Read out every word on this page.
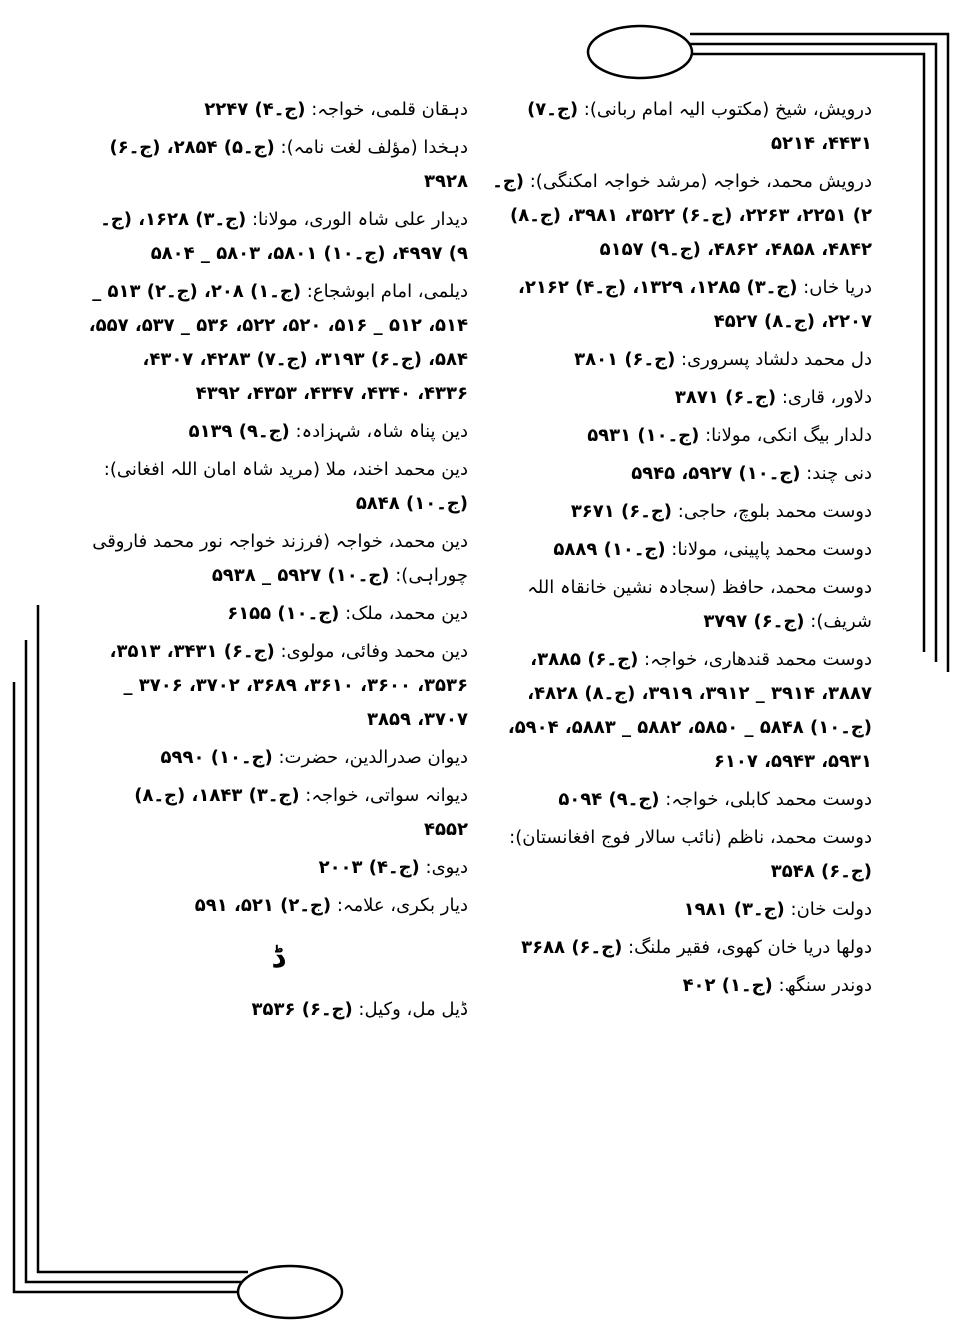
درویش، شیخ (مکتوب الیہ امام ربانی): (ج۔۷) ۴۴۳۱، ۵۲۱۴
درویش محمد، خواجہ (مرشد خواجہ امکنگی): (ج۔۲) ۲۲۵۱، ۲۲۶۳، (ج۔۶) ۳۵۲۲، ۳۹۸۱، (ج۔۸) ۴۸۴۲، ۴۸۵۸، ۴۸۶۲، (ج۔۹) ۵۱۵۷
دریا خاں: (ج۔۳) ۱۲۸۵، ۱۳۲۹، (ج۔۴) ۲۱۶۲، ۲۲۰۷، (ج۔۸) ۴۵۲۷
دل محمد دلشاد پسروری: (ج۔۶) ۳۸۰۱
دلاور، قاری: (ج۔۶) ۳۸۷۱
دلدار بیگ انکی، مولانا: (ج۔۱۰) ۵۹۳۱
دنی چند: (ج۔۱۰) ۵۹۲۷، ۵۹۴۵
دوست محمد بلوچ، حاجی: (ج۔۶) ۳۶۷۱
دوست محمد پاپینی، مولانا: (ج۔۱۰) ۵۸۸۹
دوست محمد، حافظ (سجادہ نشین خانقاہ اللہ شریف): (ج۔۶) ۳۷۹۷
دوست محمد قندھاری، خواجہ: (ج۔۶) ۳۸۸۵، ۳۸۸۷، ۳۹۱۴ _ ۳۹۱۲، ۳۹۱۹، (ج۔۸) ۴۸۲۸، (ج۔۱۰) ۵۸۴۸ _ ۵۸۵۰، ۵۸۸۲ _ ۵۸۸۳، ۵۹۰۴، ۵۹۳۱، ۵۹۴۳، ۶۱۰۷
دوست محمد کابلی، خواجہ: (ج۔۹) ۵۰۹۴
دوست محمد، ناظم (نائب سالار فوج افغانستان): (ج۔۶) ۳۵۴۸
دولت خان: (ج۔۳) ۱۹۸۱
دولھا دریا خان کھوی، فقیر ملنگ: (ج۔۶) ۳۶۸۸
دوندر سنگھ: (ج۔۱) ۴۰۲
دہقان قلمی، خواجہ: (ج۔۴) ۲۲۴۷
دہخدا (مؤلف لغت نامہ): (ج۔۵) ۲۸۵۴، (ج۔۶) ۳۹۲۸
دیدار علی شاہ الوری، مولانا: (ج۔۳) ۱۶۲۸، (ج۔۹) ۴۹۹۷، (ج۔۱۰) ۵۸۰۱، ۵۸۰۳ _ ۵۸۰۴
دیلمی، امام ابوشجاع: (ج۔۱) ۲۰۸، (ج۔۲) ۵۱۳ _ ۵۱۴، ۵۱۲ _ ۵۱۶، ۵۲۰، ۵۲۲، ۵۳۶ _ ۵۳۷، ۵۵۷، ۵۸۴، (ج۔۶) ۳۱۹۳، (ج۔۷) ۴۲۸۳، ۴۳۰۷، ۴۳۳۶، ۴۳۴۰، ۴۳۴۷، ۴۳۵۳، ۴۳۹۲
دین پناہ شاہ، شہزادہ: (ج۔۹) ۵۱۳۹
دین محمد اخند، ملا (مرید شاہ امان اللہ افغانی): (ج۔۱۰) ۵۸۴۸
دین محمد، خواجہ (فرزند خواجہ نور محمد فاروقی چوراہی): (ج۔۱۰) ۵۹۲۷ _ ۵۹۳۸
دین محمد، ملک: (ج۔۱۰) ۶۱۵۵
دین محمد وفائی، مولوی: (ج۔۶) ۳۴۳۱، ۳۵۱۳، ۳۵۳۶، ۳۶۰۰، ۳۶۱۰، ۳۶۸۹، ۳۷۰۲، ۳۷۰۶ _ ۳۷۰۷، ۳۸۵۹
دیوان صدرالدین، حضرت: (ج۔۱۰) ۵۹۹۰
دیوانہ سواتی، خواجہ: (ج۔۳) ۱۸۴۳، (ج۔۸) ۴۵۵۲
دیوی: (ج۔۴) ۲۰۰۳
دیار بکری، علامہ: (ج۔۲) ۵۲۱، ۵۹۱
ڈ
ڈیل مل، وکیل: (ج۔۶) ۳۵۳۶
